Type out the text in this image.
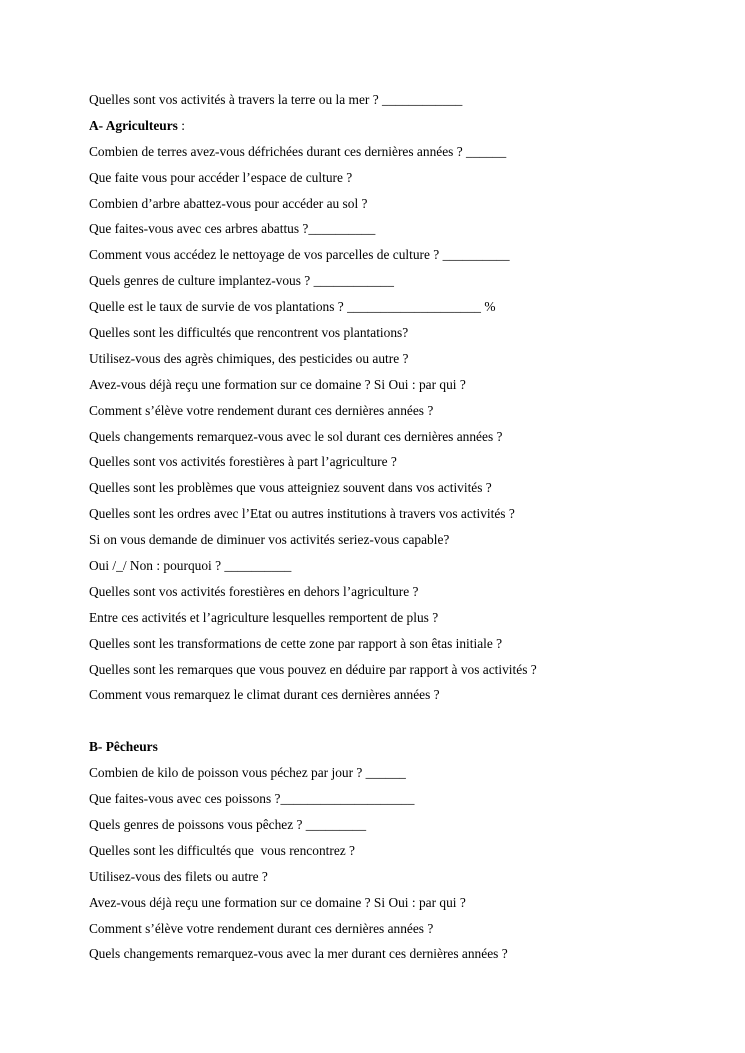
Quelles sont vos activités à travers la terre ou la mer ? ____________

A- Agriculteurs :

Combien de terres avez-vous défrichées durant ces dernières années ? ______

Que faite vous pour accéder l’espace de culture ?

Combien d’arbre abattez-vous pour accéder au sol ?

Que faites-vous avec ces arbres abattus ?__________

Comment vous accédez le nettoyage de vos parcelles de culture ? __________

Quels genres de culture implantez-vous ? ____________

Quelle est le taux de survie de vos plantations ? ____________________ %

Quelles sont les difficultés que rencontrent vos plantations?

Utilisez-vous des agrès chimiques, des pesticides ou autre ?

Avez-vous déjà reçu une formation sur ce domaine ? Si Oui : par qui ?

Comment s’élève votre rendement durant ces dernières années ?

Quels changements remarquez-vous avec le sol durant ces dernières années ?

Quelles sont vos activités forestières à part l’agriculture ?

Quelles sont les problèmes que vous atteigniez souvent dans vos activités ?

Quelles sont les ordres avec l’Etat ou autres institutions à travers vos activités ?

Si on vous demande de diminuer vos activités seriez-vous capable?

Oui /_/ Non : pourquoi ? __________

Quelles sont vos activités forestières en dehors l’agriculture ?

Entre ces activités et l’agriculture lesquelles remportent de plus ?

Quelles sont les transformations de cette zone par rapport à son êtas initiale ?

Quelles sont les remarques que vous pouvez en déduire par rapport à vos activités ?

Comment vous remarquez le climat durant ces dernières années ?

B- Pêcheurs

Combien de kilo de poisson vous péchez par jour ? ______

Que faites-vous avec ces poissons ?____________________

Quels genres de poissons vous pêchez ? _________

Quelles sont les difficultés que  vous rencontrez ?

Utilisez-vous des filets ou autre ?

Avez-vous déjà reçu une formation sur ce domaine ? Si Oui : par qui ?

Comment s’élève votre rendement durant ces dernières années ?

Quels changements remarquez-vous avec la mer durant ces dernières années ?
